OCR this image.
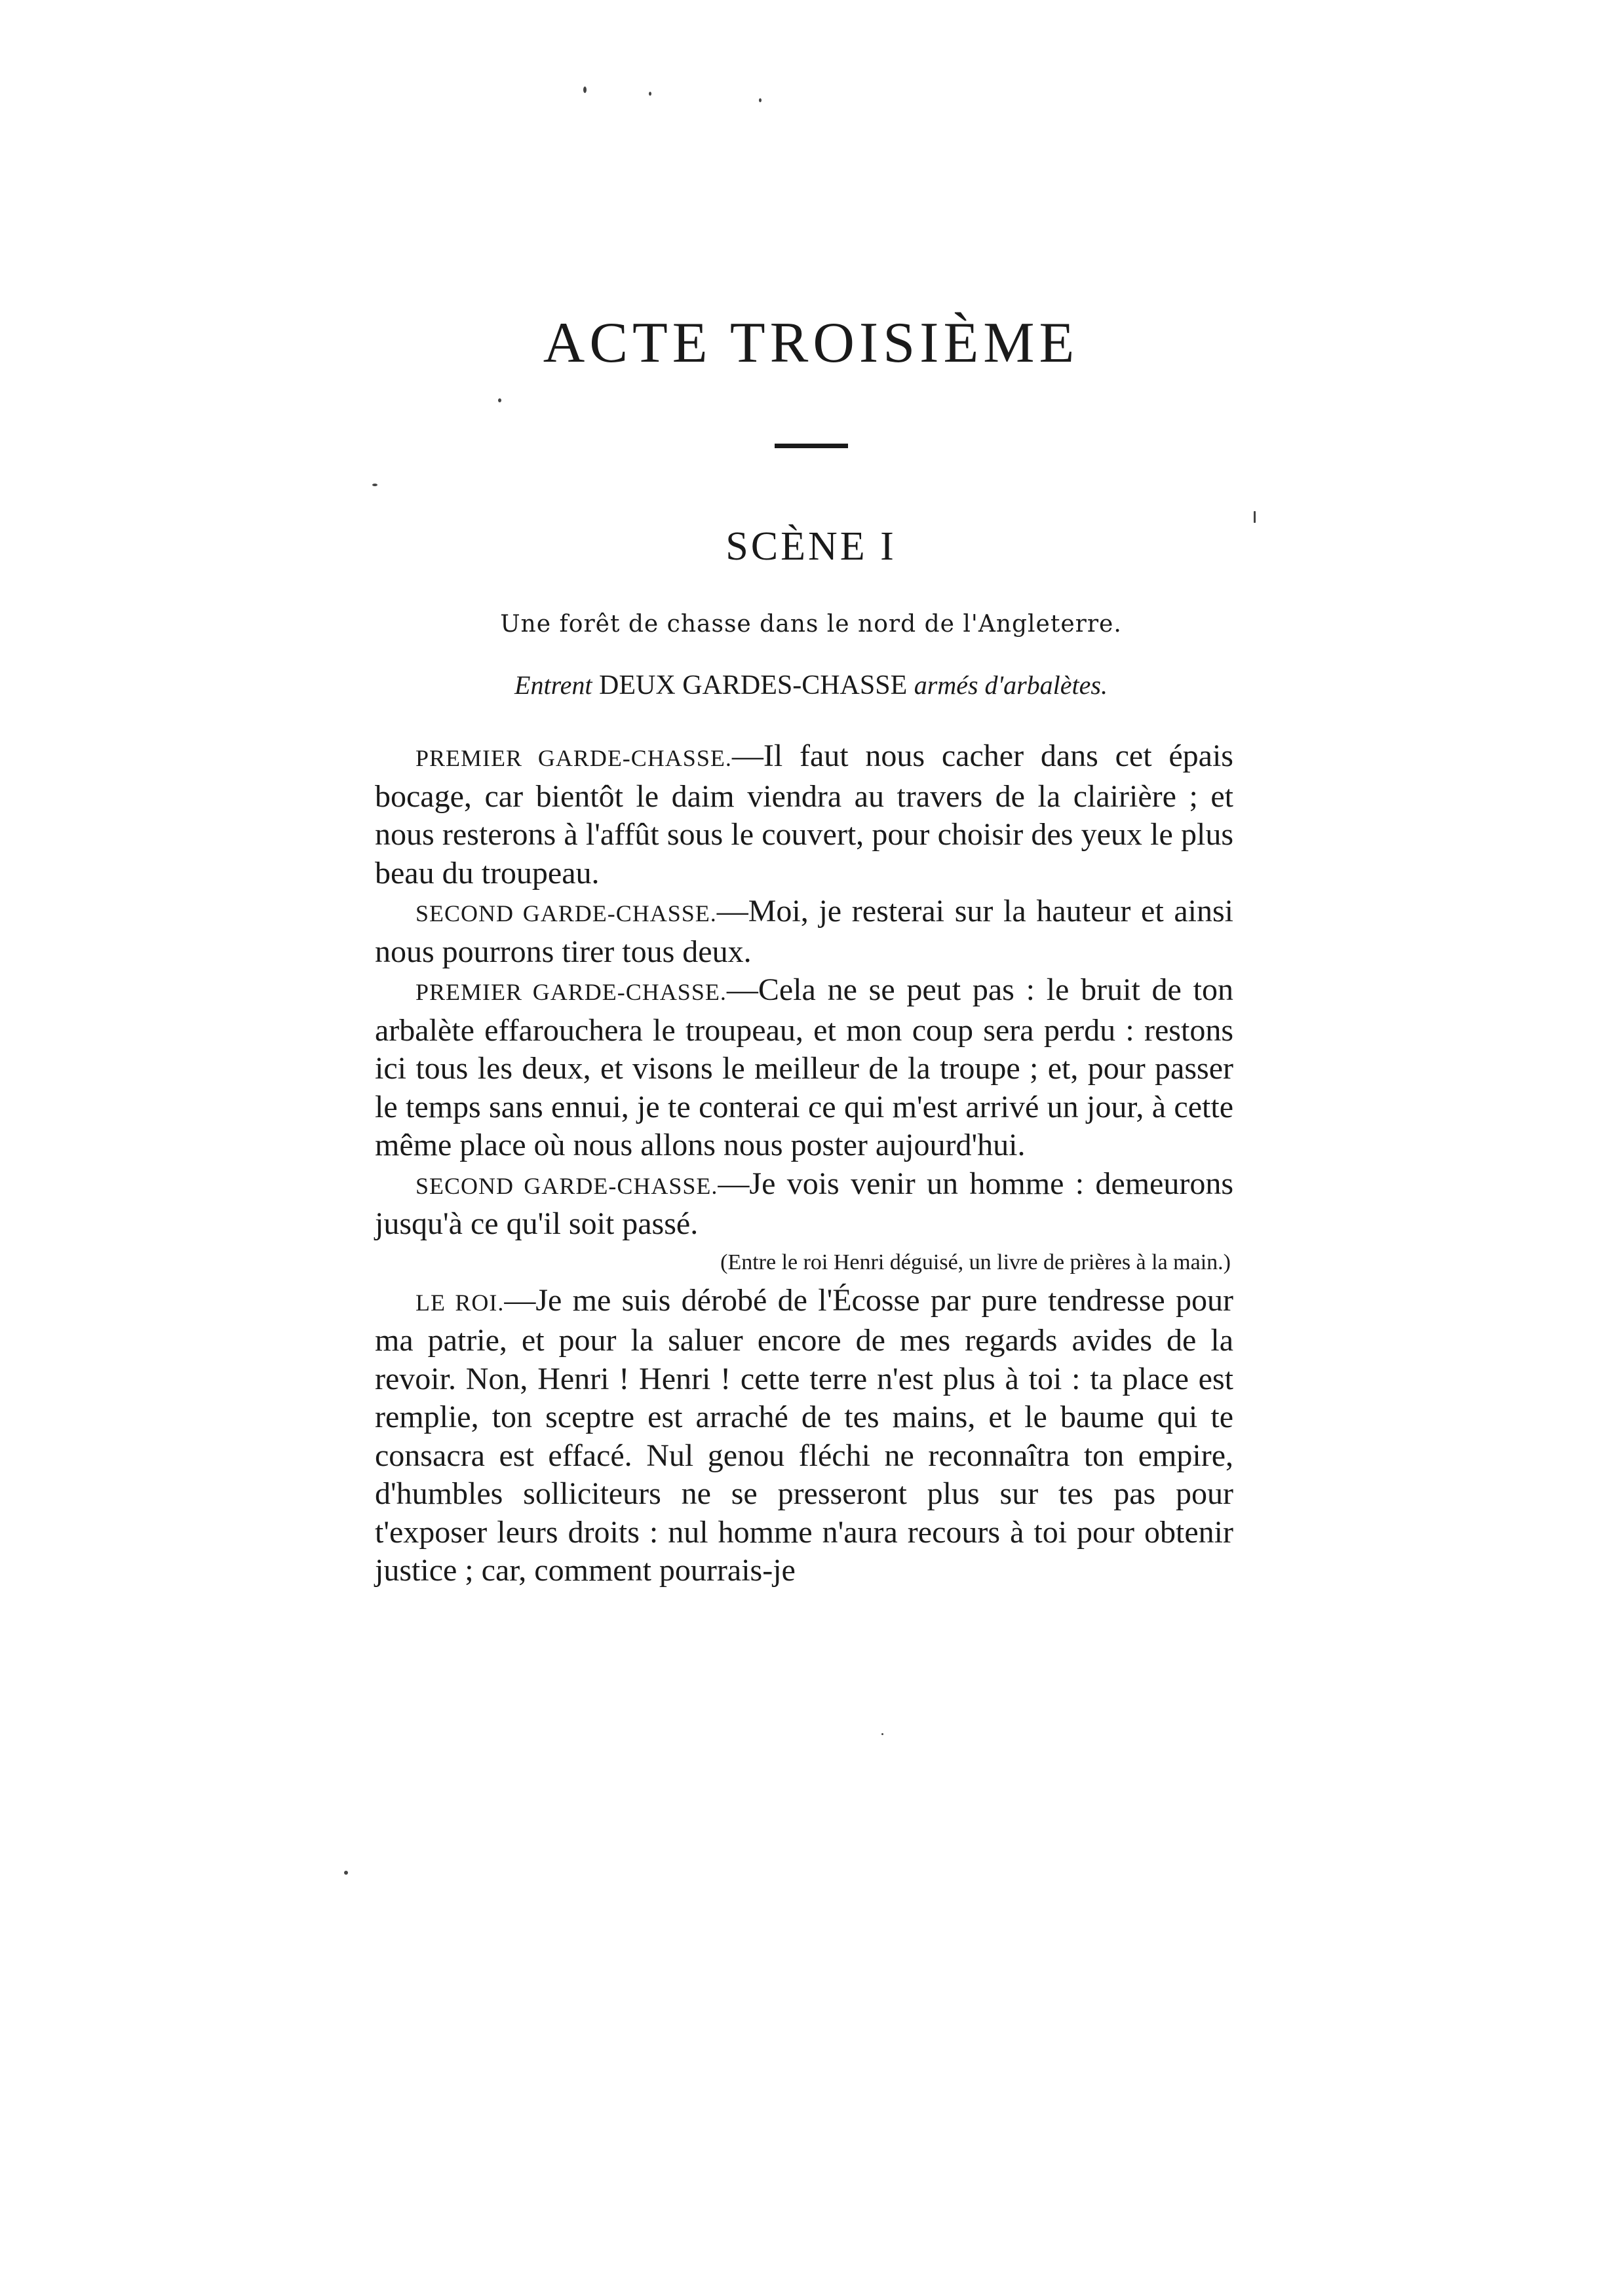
ACTE TROISIÈME
SCÈNE I
Une forêt de chasse dans le nord de l'Angleterre.
Entrent DEUX GARDES-CHASSE armés d'arbalètes.

PREMIER GARDE-CHASSE.—Il faut nous cacher dans cet épais bocage, car bientôt le daim viendra au travers de la clairière ; et nous resterons à l'affût sous le couvert, pour choisir des yeux le plus beau du troupeau.

SECOND GARDE-CHASSE.—Moi, je resterai sur la hauteur et ainsi nous pourrons tirer tous deux.

PREMIER GARDE-CHASSE.—Cela ne se peut pas : le bruit de ton arbalète effarouchera le troupeau, et mon coup sera perdu : restons ici tous les deux, et visons le meilleur de la troupe ; et, pour passer le temps sans ennui, je te conterai ce qui m'est arrivé un jour, à cette même place où nous allons nous poster aujourd'hui.

SECOND GARDE-CHASSE.—Je vois venir un homme : demeurons jusqu'à ce qu'il soit passé.

(Entre le roi Henri déguisé, un livre de prières à la main.)

LE ROI.—Je me suis dérobé de l'Écosse par pure tendresse pour ma patrie, et pour la saluer encore de mes regards avides de la revoir. Non, Henri ! Henri ! cette terre n'est plus à toi : ta place est remplie, ton sceptre est arraché de tes mains, et le baume qui te consacra est effacé. Nul genou fléchi ne reconnaîtra ton empire, d'humbles solliciteurs ne se presseront plus sur tes pas pour t'exposer leurs droits : nul homme n'aura recours à toi pour obtenir justice ; car, comment pourrais-je
